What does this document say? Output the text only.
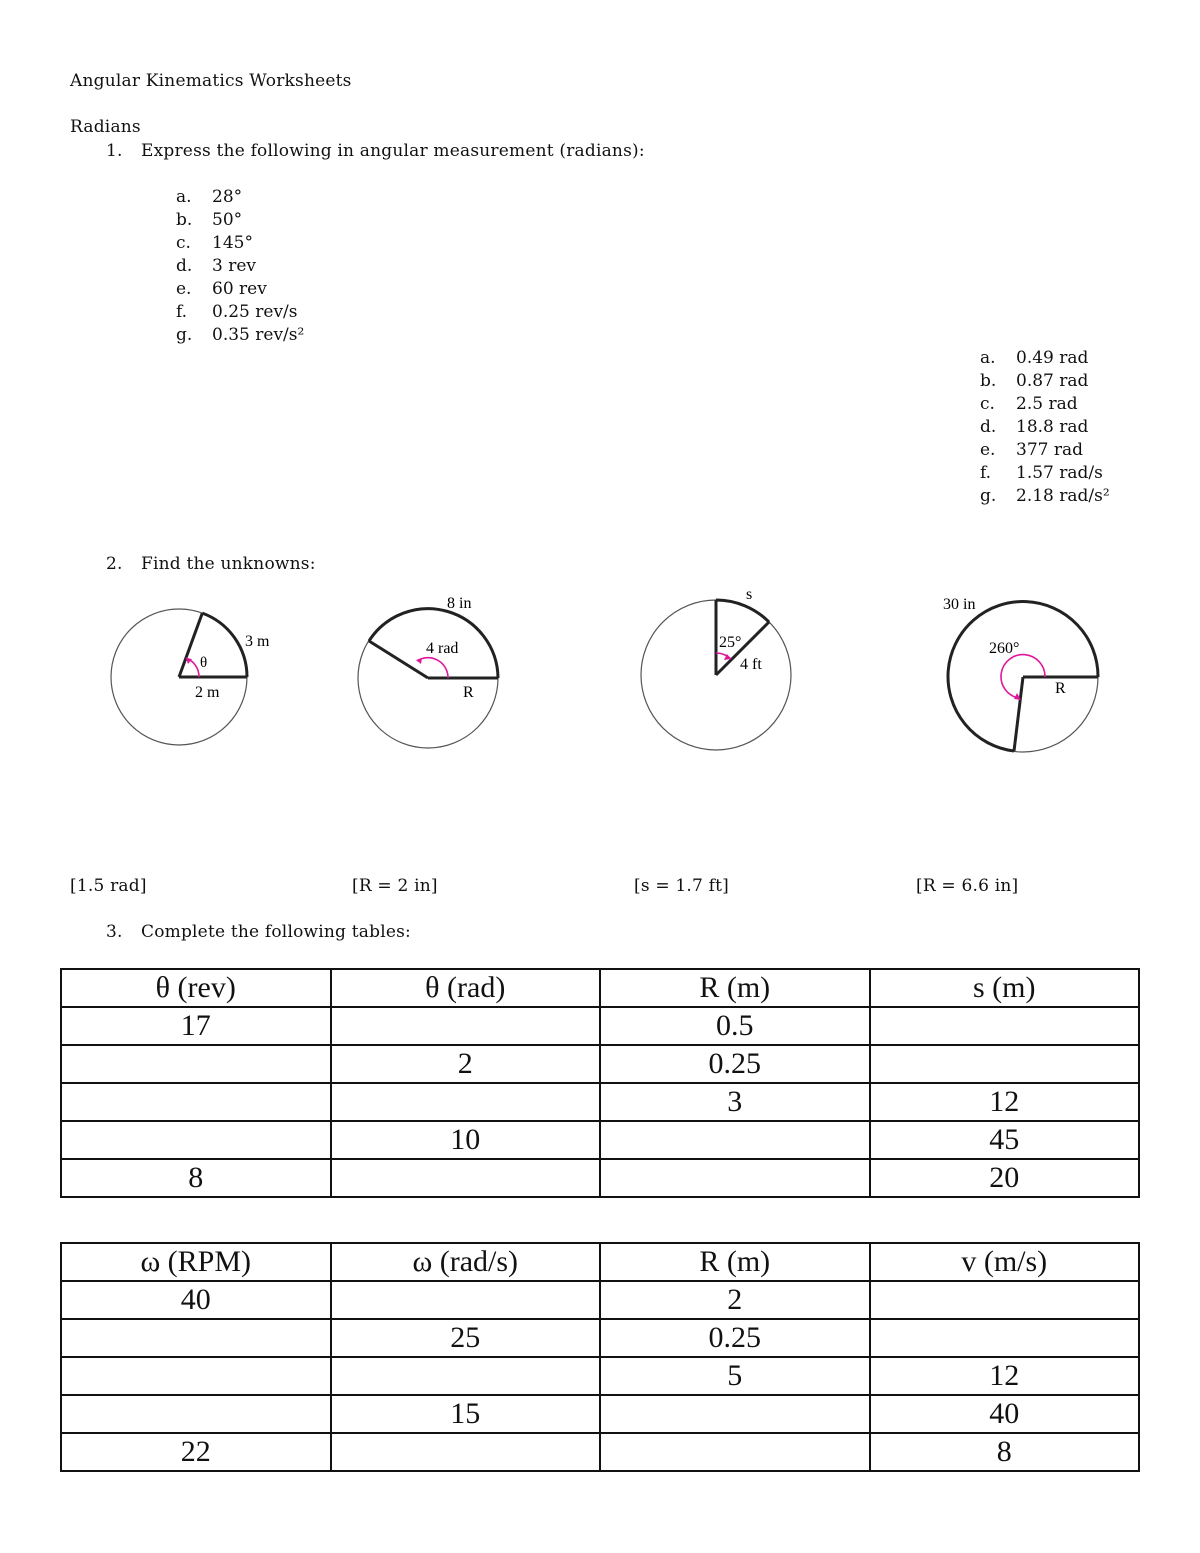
Angular Kinematics Worksheets
Radians
1. Express the following in angular measurement (radians):
a. 28°
b. 50°
c. 145°
d. 3 rev
e. 60 rev
f. 0.25 rev/s
g. 0.35 rev/s²
a. 0.49 rad
b. 0.87 rad
c. 2.5 rad
d. 18.8 rad
e. 377 rad
f. 1.57 rad/s
g. 2.18 rad/s²
2. Find the unknowns:
θ
2 m
3 m	4 rad
R
8 in
25°
4 ft
s
260°
R
30 in
[1.5 rad]	[R = 2 in]	[s = 1.7 ft]	[R = 6.6 in]
3. Complete the following tables:
θ (rev)	θ (rad)	R (m)	s (m)
17		0.5	
	2	0.25	
		3	12
	10		45
8			20
ω (RPM)	ω (rad/s)	R (m)	v (m/s)
40		2	
	25	0.25	
		5	12
	15		40
22			8
